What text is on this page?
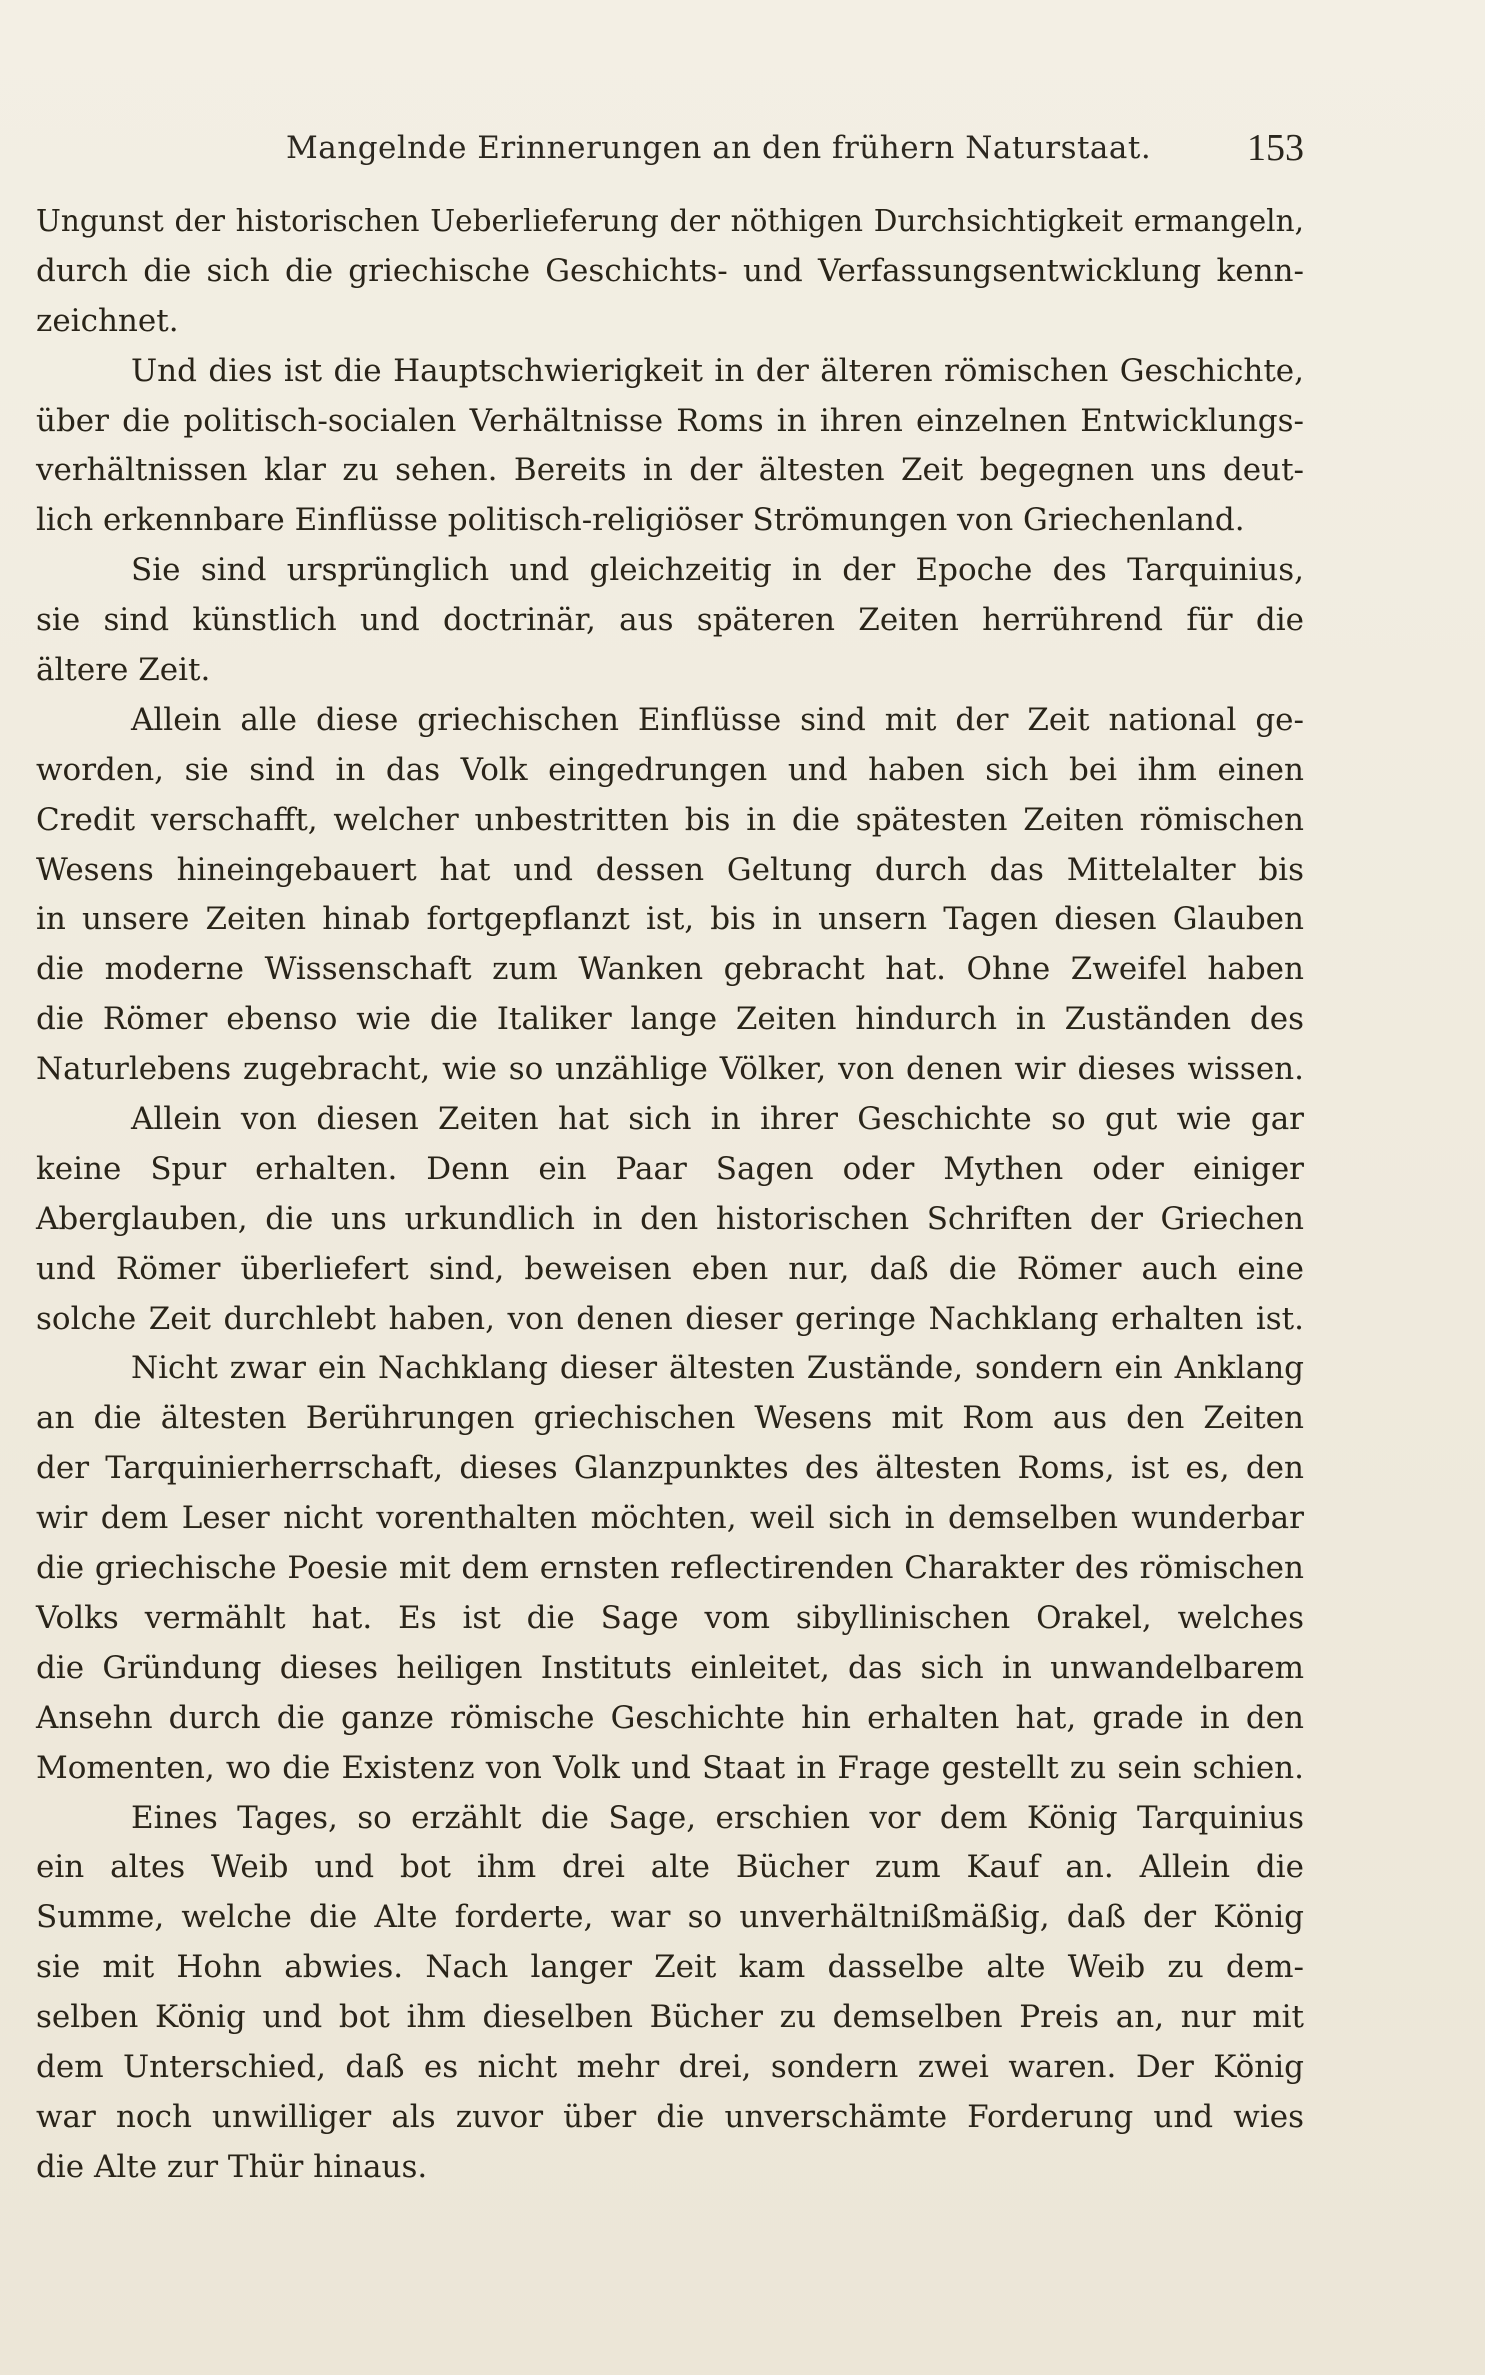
Mangelnde Erinnerungen an den frühern Naturstaat.	153
Ungunst der historischen Ueberlieferung der nöthigen Durchsichtigkeit ermangeln,
durch die sich die griechische Geschichts- und Verfassungsentwicklung kenn-
zeichnet.
Und dies ist die Hauptschwierigkeit in der älteren römischen Geschichte,
über die politisch-socialen Verhältnisse Roms in ihren einzelnen Entwicklungs-
verhältnissen klar zu sehen. Bereits in der ältesten Zeit begegnen uns deut-
lich erkennbare Einflüsse politisch-religiöser Strömungen von Griechenland.
Sie sind ursprünglich und gleichzeitig in der Epoche des Tarquinius,
sie sind künstlich und doctrinär, aus späteren Zeiten herrührend für die
ältere Zeit.
Allein alle diese griechischen Einflüsse sind mit der Zeit national ge-
worden, sie sind in das Volk eingedrungen und haben sich bei ihm einen
Credit verschafft, welcher unbestritten bis in die spätesten Zeiten römischen
Wesens hineingebauert hat und dessen Geltung durch das Mittelalter bis
in unsere Zeiten hinab fortgepflanzt ist, bis in unsern Tagen diesen Glauben
die moderne Wissenschaft zum Wanken gebracht hat. Ohne Zweifel haben
die Römer ebenso wie die Italiker lange Zeiten hindurch in Zuständen des
Naturlebens zugebracht, wie so unzählige Völker, von denen wir dieses wissen.
Allein von diesen Zeiten hat sich in ihrer Geschichte so gut wie gar
keine Spur erhalten. Denn ein Paar Sagen oder Mythen oder einiger
Aberglauben, die uns urkundlich in den historischen Schriften der Griechen
und Römer überliefert sind, beweisen eben nur, daß die Römer auch eine
solche Zeit durchlebt haben, von denen dieser geringe Nachklang erhalten ist.
Nicht zwar ein Nachklang dieser ältesten Zustände, sondern ein Anklang
an die ältesten Berührungen griechischen Wesens mit Rom aus den Zeiten
der Tarquinierherrschaft, dieses Glanzpunktes des ältesten Roms, ist es, den
wir dem Leser nicht vorenthalten möchten, weil sich in demselben wunderbar
die griechische Poesie mit dem ernsten reflectirenden Charakter des römischen
Volks vermählt hat. Es ist die Sage vom sibyllinischen Orakel, welches
die Gründung dieses heiligen Instituts einleitet, das sich in unwandelbarem
Ansehn durch die ganze römische Geschichte hin erhalten hat, grade in den
Momenten, wo die Existenz von Volk und Staat in Frage gestellt zu sein schien.
Eines Tages, so erzählt die Sage, erschien vor dem König Tarquinius
ein altes Weib und bot ihm drei alte Bücher zum Kauf an. Allein die
Summe, welche die Alte forderte, war so unverhältnißmäßig, daß der König
sie mit Hohn abwies. Nach langer Zeit kam dasselbe alte Weib zu dem-
selben König und bot ihm dieselben Bücher zu demselben Preis an, nur mit
dem Unterschied, daß es nicht mehr drei, sondern zwei waren. Der König
war noch unwilliger als zuvor über die unverschämte Forderung und wies
die Alte zur Thür hinaus.
